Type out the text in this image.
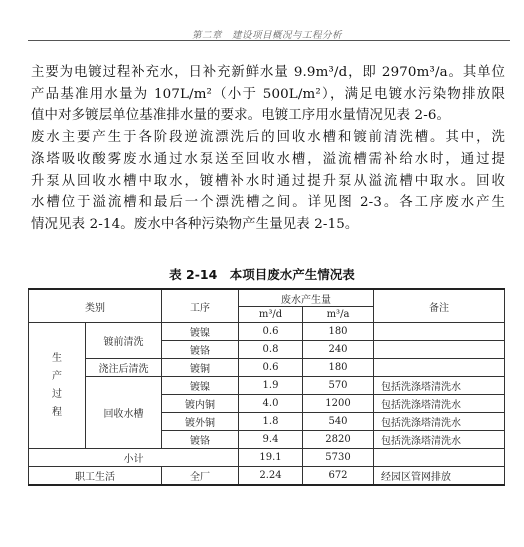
第二章　建设项目概况与工程分析

主要为电镀过程补充水，日补充新鲜水量 9.9m³/d，即 2970m³/a。其单位

产品基准用水量为 107L/m²（小于 500L/m²），满足电镀水污染物排放限

值中对多镀层单位基准排水量的要求。电镀工序用水量情况见表 2-6。

废水主要产生于各阶段逆流漂洗后的回收水槽和镀前清洗槽。其中，洗

涤塔吸收酸雾废水通过水泵送至回收水槽，溢流槽需补给水时，通过提

升泵从回收水槽中取水，镀槽补水时通过提升泵从溢流槽中取水。回收

水槽位于溢流槽和最后一个漂洗槽之间。详见图 2-3。各工序废水产生

情况见表 2-14。废水中各种污染物产生量见表 2-15。

表 2-14　本项目废水产生情况表
类别		工序	废水产生量		备注
			m³/d	m³/a	

生
产
过
程	镀前清洗	镀镍	0.6	180	
		镀铬	0.8	240	
	浇注后清洗	镀铜	0.6	180	
	回收水槽	镀镍	1.9	570	包括洗涤塔清洗水
		镀内铜	4.0	1200	包括洗涤塔清洗水
		镀外铜	1.8	540	包括洗涤塔清洗水
		镀铬	9.4	2820	包括洗涤塔清洗水
小计			19.1	5730	
职工生活		全厂	2.24	672	经园区管网排放
